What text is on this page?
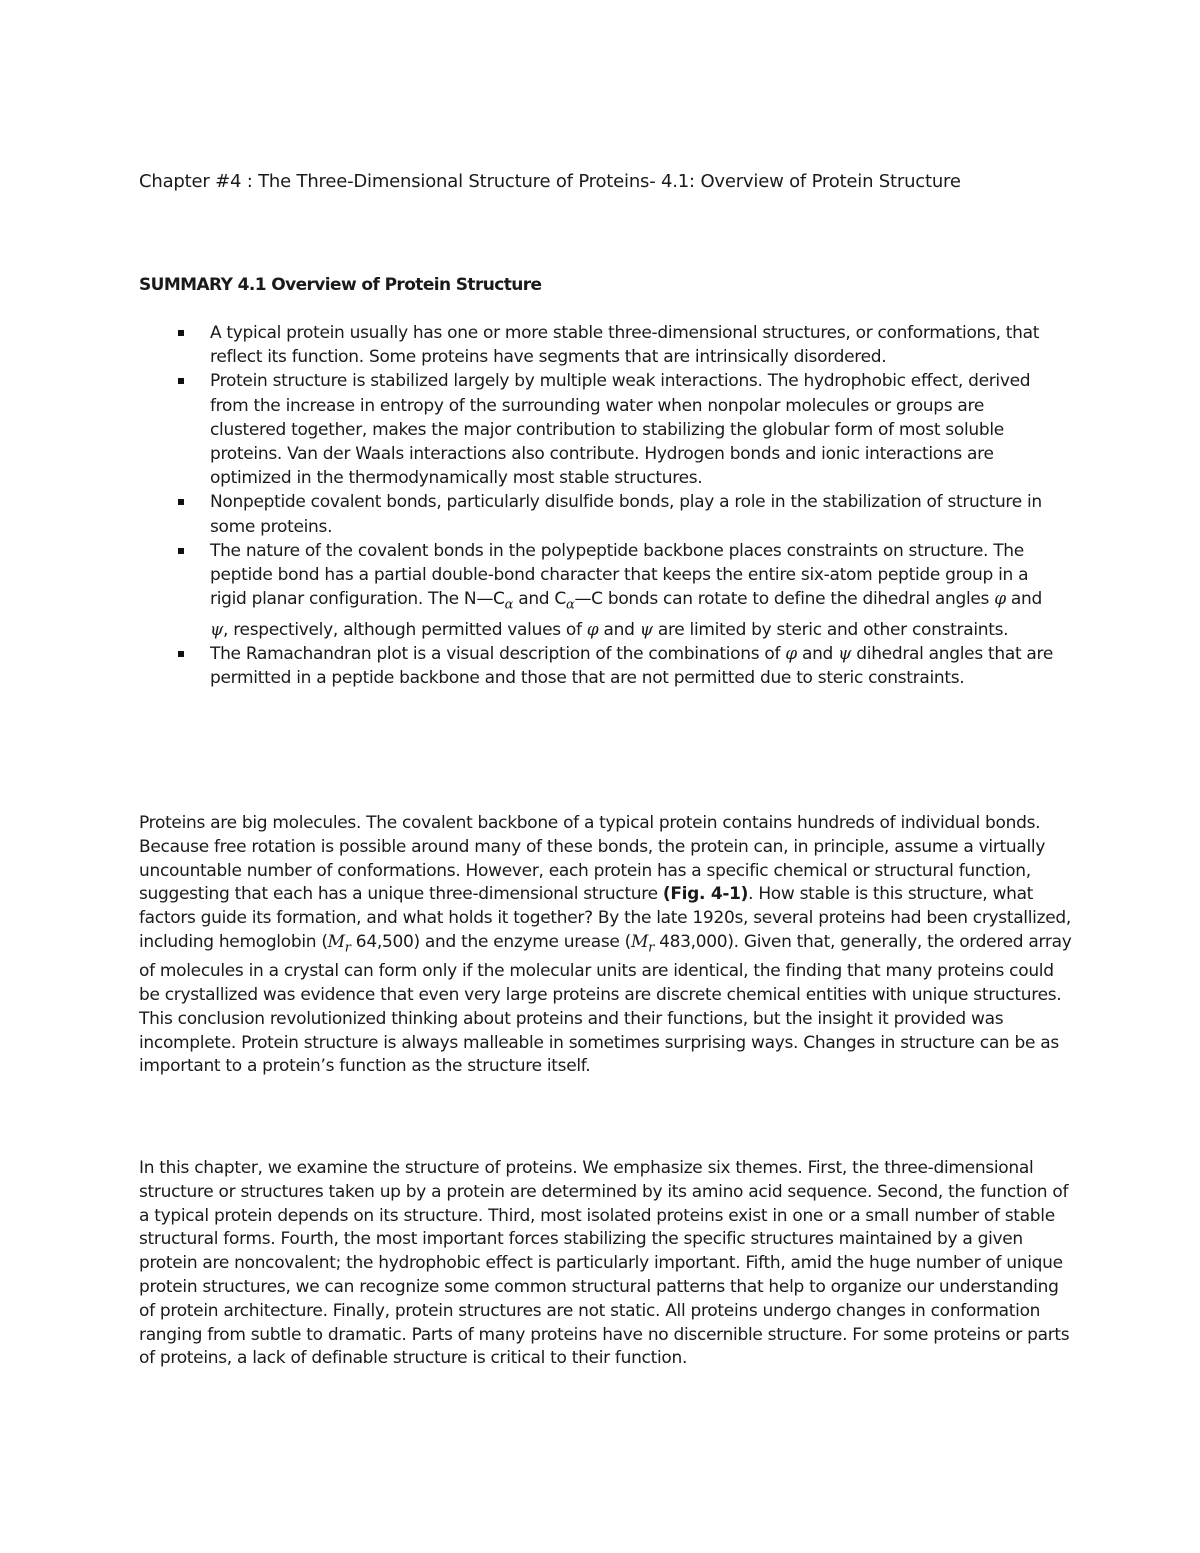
Chapter #4 : The Three-Dimensional Structure of Proteins- 4.1: Overview of Protein Structure
SUMMARY 4.1 Overview of Protein Structure
A typical protein usually has one or more stable three-dimensional structures, or conformations, that reflect its function. Some proteins have segments that are intrinsically disordered.
Protein structure is stabilized largely by multiple weak interactions. The hydrophobic effect, derived from the increase in entropy of the surrounding water when nonpolar molecules or groups are clustered together, makes the major contribution to stabilizing the globular form of most soluble proteins. Van der Waals interactions also contribute. Hydrogen bonds and ionic interactions are optimized in the thermodynamically most stable structures.
Nonpeptide covalent bonds, particularly disulfide bonds, play a role in the stabilization of structure in some proteins.
The nature of the covalent bonds in the polypeptide backbone places constraints on structure. The peptide bond has a partial double-bond character that keeps the entire six-atom peptide group in a rigid planar configuration. The $N—C_\alpha$ and $C_\alpha—C$ bonds can rotate to define the dihedral angles φ and ψ, respectively, although permitted values of φ and ψ are limited by steric and other constraints.
The Ramachandran plot is a visual description of the combinations of φ and ψ dihedral angles that are permitted in a peptide backbone and those that are not permitted due to steric constraints.

Proteins are big molecules. The covalent backbone of a typical protein contains hundreds of individual bonds. Because free rotation is possible around many of these bonds, the protein can, in principle, assume a virtually uncountable number of conformations. However, each protein has a specific chemical or structural function, suggesting that each has a unique three-dimensional structure (Fig. 4-1). How stable is this structure, what factors guide its formation, and what holds it together? By the late 1920s, several proteins had been crystallized, including hemoglobin ($M_r$ 64,500) and the enzyme urease ($M_r$ 483,000). Given that, generally, the ordered array of molecules in a crystal can form only if the molecular units are identical, the finding that many proteins could be crystallized was evidence that even very large proteins are discrete chemical entities with unique structures. This conclusion revolutionized thinking about proteins and their functions, but the insight it provided was incomplete. Protein structure is always malleable in sometimes surprising ways. Changes in structure can be as important to a protein’s function as the structure itself.

In this chapter, we examine the structure of proteins. We emphasize six themes. First, the three-dimensional structure or structures taken up by a protein are determined by its amino acid sequence. Second, the function of a typical protein depends on its structure. Third, most isolated proteins exist in one or a small number of stable structural forms. Fourth, the most important forces stabilizing the specific structures maintained by a given protein are noncovalent; the hydrophobic effect is particularly important. Fifth, amid the huge number of unique protein structures, we can recognize some common structural patterns that help to organize our understanding of protein architecture. Finally, protein structures are not static. All proteins undergo changes in conformation ranging from subtle to dramatic. Parts of many proteins have no discernible structure. For some proteins or parts of proteins, a lack of definable structure is critical to their function.
